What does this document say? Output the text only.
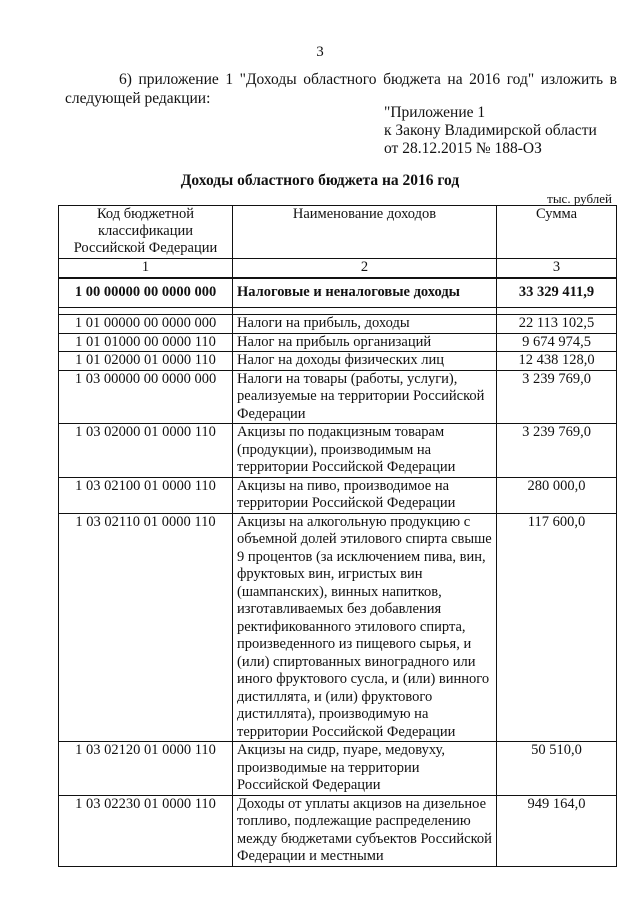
3
6) приложение 1 "Доходы областного бюджета на 2016 год" изложить в следующей редакции:
"Приложение 1
к Закону Владимирской области
от 28.12.2015 № 188-ОЗ
Доходы областного бюджета на 2016 год
тыс. рублей
Код бюджетной классификации Российской Федерации	Наименование доходов	Сумма
1	2	3
1 00 00000 00 0000 000	Налоговые и неналоговые доходы	33 329 411,9

1 01 00000 00 0000 000	Налоги на прибыль, доходы	22 113 102,5
1 01 01000 00 0000 110	Налог на прибыль организаций	9 674 974,5
1 01 02000 01 0000 110	Налог на доходы физических лиц	12 438 128,0
1 03 00000 00 0000 000	Налоги на товары (работы, услуги), реализуемые на территории Российской Федерации	3 239 769,0
1 03 02000 01 0000 110	Акцизы по подакцизным товарам (продукции), производимым на территории Российской Федерации	3 239 769,0
1 03 02100 01 0000 110	Акцизы на пиво, производимое на территории Российской Федерации	280 000,0
1 03 02110 01 0000 110	Акцизы на алкогольную продукцию с объемной долей этилового спирта свыше 9 процентов (за исключением пива, вин, фруктовых вин, игристых вин (шампанских), винных напитков, изготавливаемых без добавления ректификованного этилового спирта, произведенного из пищевого сырья, и (или) спиртованных виноградного или иного фруктового сусла, и (или) винного дистиллята, и (или) фруктового дистиллята), производимую на территории Российской Федерации	117 600,0
1 03 02120 01 0000 110	Акцизы на сидр, пуаре, медовуху, производимые на территории Российской Федерации	50 510,0
1 03 02230 01 0000 110	Доходы от уплаты акцизов на дизельное топливо, подлежащие распределению между бюджетами субъектов Российской Федерации и местными	949 164,0
